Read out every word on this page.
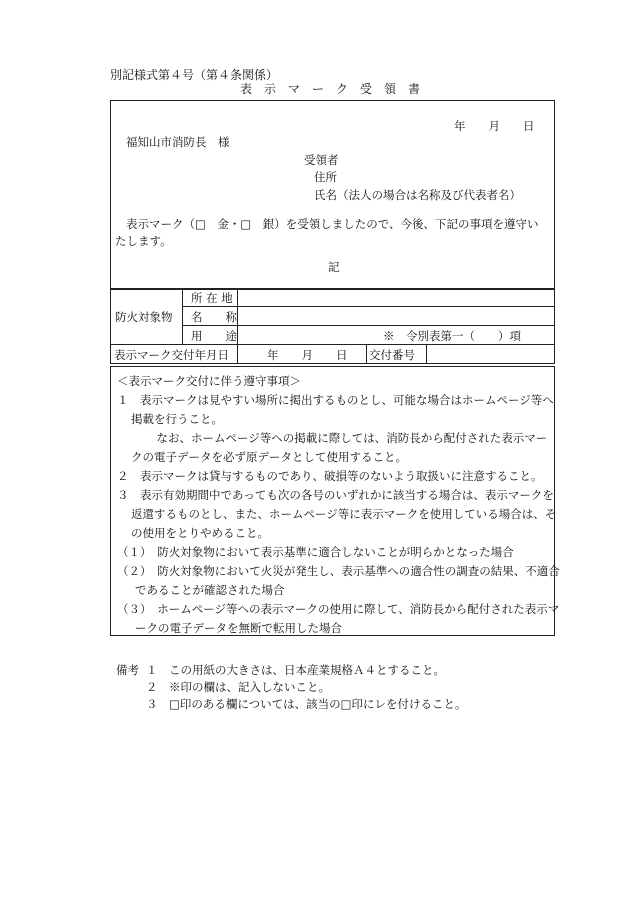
別記様式第４号（第４条関係）
表　示　マ　ー　ク　受　領　書
年　　月　　日
福知山市消防長　様
受領者
住所
氏名（法人の場合は名称及び代表者名）
表示マーク（□　金・□　銀）を受領しましたので、今後、下記の事項を遵守い
たします。
記
防火対象物
所 在 地
名　　称
用　　途	※　令別表第一（　　）項
表示マーク交付年月日	年　　月　　日 交付番号
＜表示マーク交付に伴う遵守事項＞
１　表示マークは見やすい場所に掲出するものとし、可能な場合はホームページ等へ掲載を行うこと。
　なお、ホームページ等への掲載に際しては、消防長から配付された表示マークの電子データを必ず原データとして使用すること。
２　表示マークは貸与するものであり、破損等のないよう取扱いに注意すること。
３　表示有効期間中であっても次の各号のいずれかに該当する場合は、表示マークを返還するものとし、また、ホームページ等に表示マークを使用している場合は、その使用をとりやめること。
（１）　防火対象物において表示基準に適合しないことが明らかとなった場合
（２）　防火対象物において火災が発生し、表示基準への適合性の調査の結果、不適合であることが確認された場合
（３）　ホームページ等への表示マークの使用に際して、消防長から配付された表示マークの電子データを無断で転用した場合
備考 １　この用紙の大きさは、日本産業規格Ａ４とすること。
２　※印の欄は、記入しないこと。
３　□印のある欄については、該当の□印にレを付けること。
